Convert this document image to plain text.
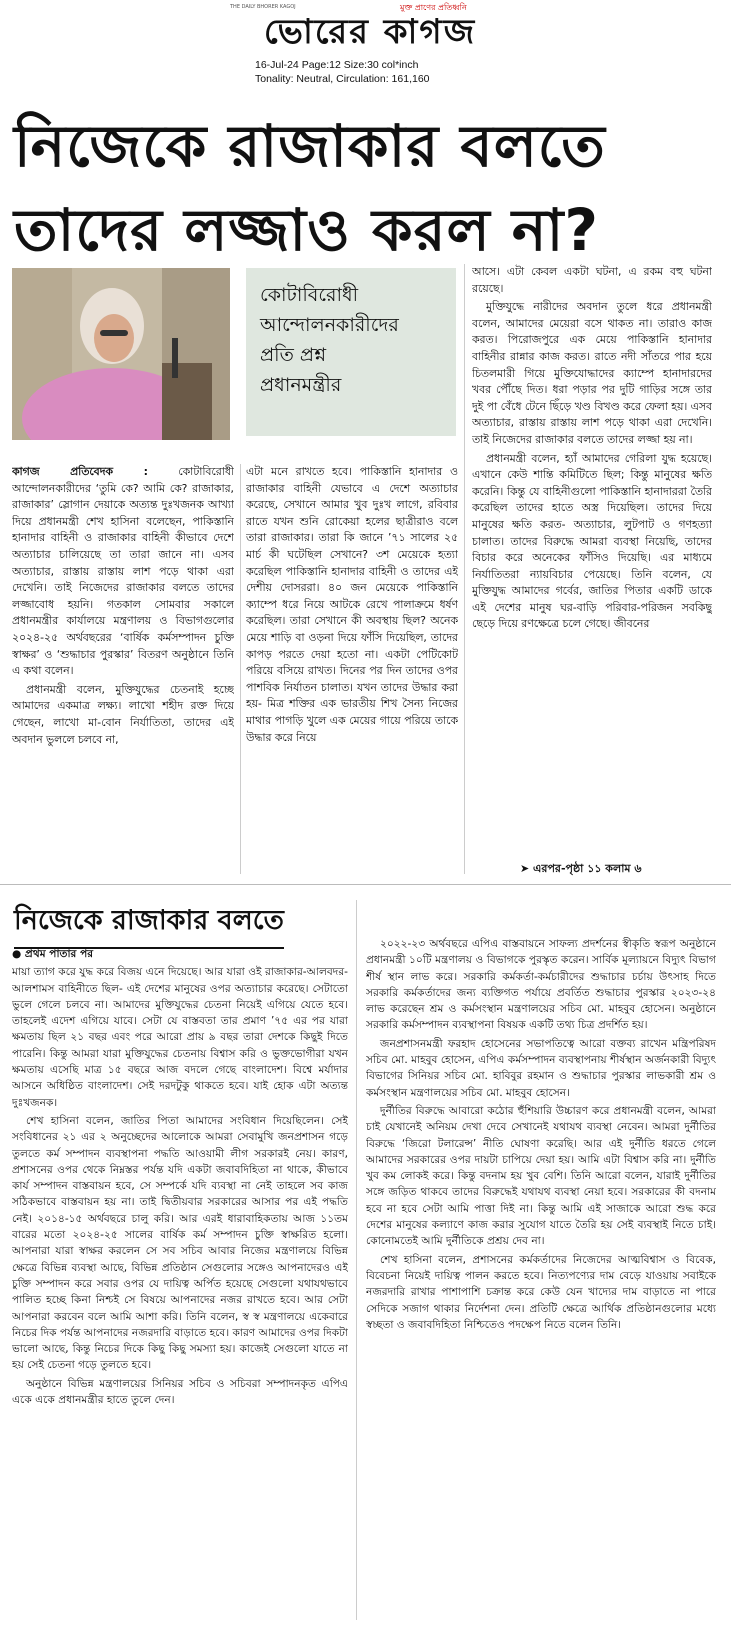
THE DAILY BHORER KAGOJ	মুক্ত প্রাণের প্রতিধ্বনি
ভোরের কাগজ
16-Jul-24 Page:12 Size:30 col*inch
Tonality: Neutral, Circulation: 161,160
নিজেকে রাজাকার বলতে
তাদের লজ্জাও করল না?
কোটাবিরোধী
আন্দোলনকারীদের
প্রতি প্রশ্ন
প্রধানমন্ত্রীর

কাগজ প্রতিবেদক : কোটাবিরোধী আন্দোলনকারীদের ‘তুমি কে? আমি কে? রাজাকার, রাজাকার’ স্লোগান দেয়াকে অত্যন্ত দুঃখজনক আখ্যা দিয়ে প্রধানমন্ত্রী শেখ হাসিনা বলেছেন, পাকিস্তানি হানাদার বাহিনী ও রাজাকার বাহিনী কীভাবে দেশে অত্যাচার চালিয়েছে তা তারা জানে না। এসব অত্যাচার, রাস্তায় রাস্তায় লাশ পড়ে থাকা এরা দেখেনি। তাই নিজেদের রাজাকার বলতে তাদের লজ্জাবোধ হয়নি। গতকাল সোমবার সকালে প্রধানমন্ত্রীর কার্যালয়ে মন্ত্রণালয় ও বিভাগগুলোর ২০২৪-২৫ অর্থবছরের ‘বার্ষিক কর্মসম্পাদন চুক্তি স্বাক্ষর’ ও ‘শুদ্ধাচার পুরস্কার’ বিতরণ অনুষ্ঠানে তিনি এ কথা বলেন।

প্রধানমন্ত্রী বলেন, মুক্তিযুদ্ধের চেতনাই হচ্ছে আমাদের একমাত্র লক্ষ্য। লাখো শহীদ রক্ত দিয়ে গেছেন, লাখো মা-বোন নির্যাতিতা, তাদের এই অবদান ভুললে চলবে না,

এটা মনে রাখতে হবে। পাকিস্তানি হানাদার ও রাজাকার বাহিনী যেভাবে এ দেশে অত্যাচার করেছে, সেখানে আমার খুব দুঃখ লাগে, রবিবার রাতে যখন শুনি রোকেয়া হলের ছাত্রীরাও বলে তারা রাজাকার। তারা কি জানে ’৭১ সালের ২৫ মার্চ কী ঘটেছিল সেখানে? ৩শ মেয়েকে হত্যা করেছিল পাকিস্তানি হানাদার বাহিনী ও তাদের এই দেশীয় দোসররা। ৪০ জন মেয়েকে পাকিস্তানি ক্যাম্পে ধরে নিয়ে আটকে রেখে পালাক্রমে ধর্ষণ করেছিল। তারা সেখানে কী অবস্থায় ছিল? অনেক মেয়ে শাড়ি বা ওড়না দিয়ে ফাঁসি দিয়েছিল, তাদের কাপড় পরতে দেয়া হতো না। একটা পেটিকোট পরিয়ে বসিয়ে রাখত। দিনের পর দিন তাদের ওপর পাশবিক নির্যাতন চালাত। যখন তাদের উদ্ধার করা হয়- মিত্র শক্তির এক ভারতীয় শিখ সৈন্য নিজের মাথার পাগড়ি খুলে এক মেয়ের গায়ে পরিয়ে তাকে উদ্ধার করে নিয়ে

আসে। এটা কেবল একটা ঘটনা, এ রকম বহু ঘটনা রয়েছে।

মুক্তিযুদ্ধে নারীদের অবদান তুলে ধরে প্রধানমন্ত্রী বলেন, আমাদের মেয়েরা বসে থাকত না। তারাও কাজ করত। পিরোজপুরে এক মেয়ে পাকিস্তানি হানাদার বাহিনীর রান্নার কাজ করত। রাতে নদী সাঁতরে পার হয়ে চিতলমারী গিয়ে মুক্তিযোদ্ধাদের ক্যাম্পে হানাদারদের খবর পৌঁছে দিত। ধরা পড়ার পর দুটি গাড়ির সঙ্গে তার দুই পা বেঁধে টেনে ছিঁড়ে খণ্ড বিখণ্ড করে ফেলা হয়। এসব অত্যাচার, রাস্তায় রাস্তায় লাশ পড়ে থাকা এরা দেখেনি। তাই নিজেদের রাজাকার বলতে তাদের লজ্জা হয় না।

প্রধানমন্ত্রী বলেন, হ্যাঁ আমাদের গেরিলা যুদ্ধ হয়েছে। এখানে কেউ শান্তি কমিটিতে ছিল; কিন্তু মানুষের ক্ষতি করেনি। কিন্তু যে বাহিনীগুলো পাকিস্তানি হানাদাররা তৈরি করেছিল তাদের হাতে অস্ত্র দিয়েছিল। তাদের দিয়ে মানুষের ক্ষতি করত- অত্যাচার, লুটপাট ও গণহত্যা চালাত। তাদের বিরুদ্ধে আমরা ব্যবস্থা নিয়েছি, তাদের বিচার করে অনেকের ফাঁসিও দিয়েছি। এর মাধ্যমে নির্যাতিতরা ন্যায়বিচার পেয়েছে। তিনি বলেন, যে মুক্তিযুদ্ধ আমাদের গর্বের, জাতির পিতার একটি ডাকে এই দেশের মানুষ ঘর-বাড়ি পরিবার-পরিজন সবকিছু ছেড়ে দিয়ে রণক্ষেত্রে চলে গেছে। জীবনের

➤ এরপর-পৃষ্ঠা ১১ কলাম ৬
নিজেকে রাজাকার বলতে

● প্রথম পাতার পর

মায়া ত্যাগ করে যুদ্ধ করে বিজয় এনে দিয়েছে। আর যারা ওই রাজাকার-আলবদর-আলশামস বাহিনীতে ছিল- এই দেশের মানুষের ওপর অত্যাচার করেছে। সেটাতো ভুলে গেলে চলবে না। আমাদের মুক্তিযুদ্ধের চেতনা নিয়েই এগিয়ে যেতে হবে। তাহলেই এদেশ এগিয়ে যাবে। সেটা যে বাস্তবতা তার প্রমাণ ’৭৫ এর পর যারা ক্ষমতায় ছিল ২১ বছর এবং পরে আরো প্রায় ৯ বছর তারা দেশকে কিছুই দিতে পারেনি। কিন্তু আমরা যারা মুক্তিযুদ্ধের চেতনায় বিশ্বাস করি ও ভুক্তভোগীরা যখন ক্ষমতায় এসেছি মাত্র ১৫ বছরে আজ বদলে গেছে বাংলাদেশ। বিশ্বে মর্যাদার আসনে অধিষ্ঠিত বাংলাদেশ। সেই দরদটুকু থাকতে হবে। যাই হোক এটা অত্যন্ত দুঃখজনক।

শেখ হাসিনা বলেন, জাতির পিতা আমাদের সংবিধান দিয়েছিলেন। সেই সংবিধানের ২১ এর ২ অনুচ্ছেদের আলোকে আমরা সেবামুখি জনপ্রশাসন গড়ে তুলতে কর্ম সম্পাদন ব্যবস্থাপনা পদ্ধতি আওয়ামী লীগ সরকারই নেয়। কারণ, প্রশাসনের ওপর থেকে নিম্নস্তর পর্যন্ত যদি একটা জবাবদিহিতা না থাকে, কীভাবে কার্য সম্পাদন বাস্তবায়ন হবে, সে সম্পর্কে যদি ব্যবস্থা না নেই তাহলে সব কাজ সঠিকভাবে বাস্তবায়ন হয় না। তাই দ্বিতীয়বার সরকারের আসার পর এই পদ্ধতি নেই। ২০১৪-১৫ অর্থবছরে চালু করি। আর এরই ধারাবাহিকতায় আজ ১১তম বারের মতো ২০২৪-২৫ সালের বার্ষিক কর্ম সম্পাদন চুক্তি স্বাক্ষরিত হলো। আপনারা যারা স্বাক্ষর করলেন সে সব সচিব আবার নিজের মন্ত্রণালয়ে বিভিন্ন ক্ষেত্রে বিভিন্ন ব্যবস্থা আছে, বিভিন্ন প্রতিষ্ঠান সেগুলোর সঙ্গেও আপনাদেরও এই চুক্তি সম্পাদন করে সবার ওপর যে দায়িত্ব অর্পিত হয়েছে সেগুলো যথাযথভাবে পালিত হচ্ছে কিনা নিশ্চই সে বিষয়ে আপনাদের নজর রাখতে হবে। আর সেটা আপনারা করবেন বলে আমি আশা করি। তিনি বলেন, স্ব স্ব মন্ত্রণালয়ে একেবারে নিচের দিক পর্যন্ত আপনাদের নজরদারি বাড়াতে হবে। কারণ আমাদের ওপর দিকটা ভালো আছে, কিন্তু নিচের দিকে কিছু কিছু সমস্যা হয়। কাজেই সেগুলো যাতে না হয় সেই চেতনা গড়ে তুলতে হবে।

অনুষ্ঠানে বিভিন্ন মন্ত্রণালয়ের সিনিয়র সচিব ও সচিবরা সম্পাদনকৃত এপিএ একে একে প্রধানমন্ত্রীর হাতে তুলে দেন।

২০২২-২৩ অর্থবছরে এপিএ বাস্তবায়নে সাফল্য প্রদর্শনের স্বীকৃতি স্বরূপ অনুষ্ঠানে প্রধানমন্ত্রী ১০টি মন্ত্রণালয় ও বিভাগকে পুরস্কৃত করেন। সার্বিক মূল্যায়নে বিদ্যুৎ বিভাগ শীর্ষ স্থান লাভ করে। সরকারি কর্মকর্তা-কর্মচারীদের শুদ্ধাচার চর্চায় উৎসাহ দিতে সরকারি কর্মকর্তাদের জন্য ব্যক্তিগত পর্যায়ে প্রবর্তিত শুদ্ধাচার পুরস্কার ২০২৩-২৪ লাভ করেছেন শ্রম ও কর্মসংস্থান মন্ত্রণালয়ের সচিব মো. মাহবুব হোসেন। অনুষ্ঠানে সরকারি কর্মসম্পাদন ব্যবস্থাপনা বিষয়ক একটি তথ্য চিত্র প্রদর্শিত হয়।

জনপ্রশাসনমন্ত্রী ফরহাদ হোসেনের সভাপতিত্বে আরো বক্তব্য রাখেন মন্ত্রিপরিষদ সচিব মো. মাহবুব হোসেন, এপিএ কর্মসম্পাদন ব্যবস্থাপনায় শীর্ষস্থান অর্জনকারী বিদ্যুৎ বিভাগের সিনিয়র সচিব মো. হাবিবুর রহমান ও শুদ্ধাচার পুরস্কার লাভকারী শ্রম ও কর্মসংস্থান মন্ত্রণালয়ের সচিব মো. মাহবুব হোসেন।

দুর্নীতির বিরুদ্ধে আবারো কঠোর হুঁশিয়ারি উচ্চারণ করে প্রধানমন্ত্রী বলেন, আমরা চাই যেখানেই অনিয়ম দেখা দেবে সেখানেই যথাযথ ব্যবস্থা নেবেন। আমরা দুর্নীতির বিরুদ্ধে ‘জিরো টলারেন্স’ নীতি ঘোষণা করেছি। আর এই দুর্নীতি ধরতে গেলে আমাদের সরকারের ওপর দায়টা চাপিয়ে দেয়া হয়। আমি এটা বিশ্বাস করি না। দুর্নীতি খুব কম লোকই করে। কিন্তু বদনাম হয় খুব বেশি। তিনি আরো বলেন, যারাই দুর্নীতির সঙ্গে জড়িত থাকবে তাদের বিরুদ্ধেই যথাযথ ব্যবস্থা নেয়া হবে। সরকারের কী বদনাম হবে না হবে সেটা আমি পাত্তা দিই না। কিন্তু আমি এই সাজাকে আরো শুদ্ধ করে দেশের মানুষের কল্যাণে কাজ করার সুযোগ যাতে তৈরি হয় সেই ব্যবস্থাই নিতে চাই। কোনোমতেই আমি দুর্নীতিকে প্রশ্রয় দেব না।

শেখ হাসিনা বলেন, প্রশাসনের কর্মকর্তাদের নিজেদের আত্মবিশ্বাস ও বিবেক, বিবেচনা নিয়েই দায়িত্ব পালন করতে হবে। নিত্যপণ্যের দাম বেড়ে যাওয়ায় সবাইকে নজরদারি রাখার পাশাপাশি চক্রান্ত করে কেউ যেন খাদ্যের দাম বাড়াতে না পারে সেদিকে সজাগ থাকার নির্দেশনা দেন। প্রতিটি ক্ষেত্রে আর্থিক প্রতিষ্ঠানগুলোর মধ্যে স্বচ্ছতা ও জবাবদিহিতা নিশ্চিতেও পদক্ষেপ নিতে বলেন তিনি।
